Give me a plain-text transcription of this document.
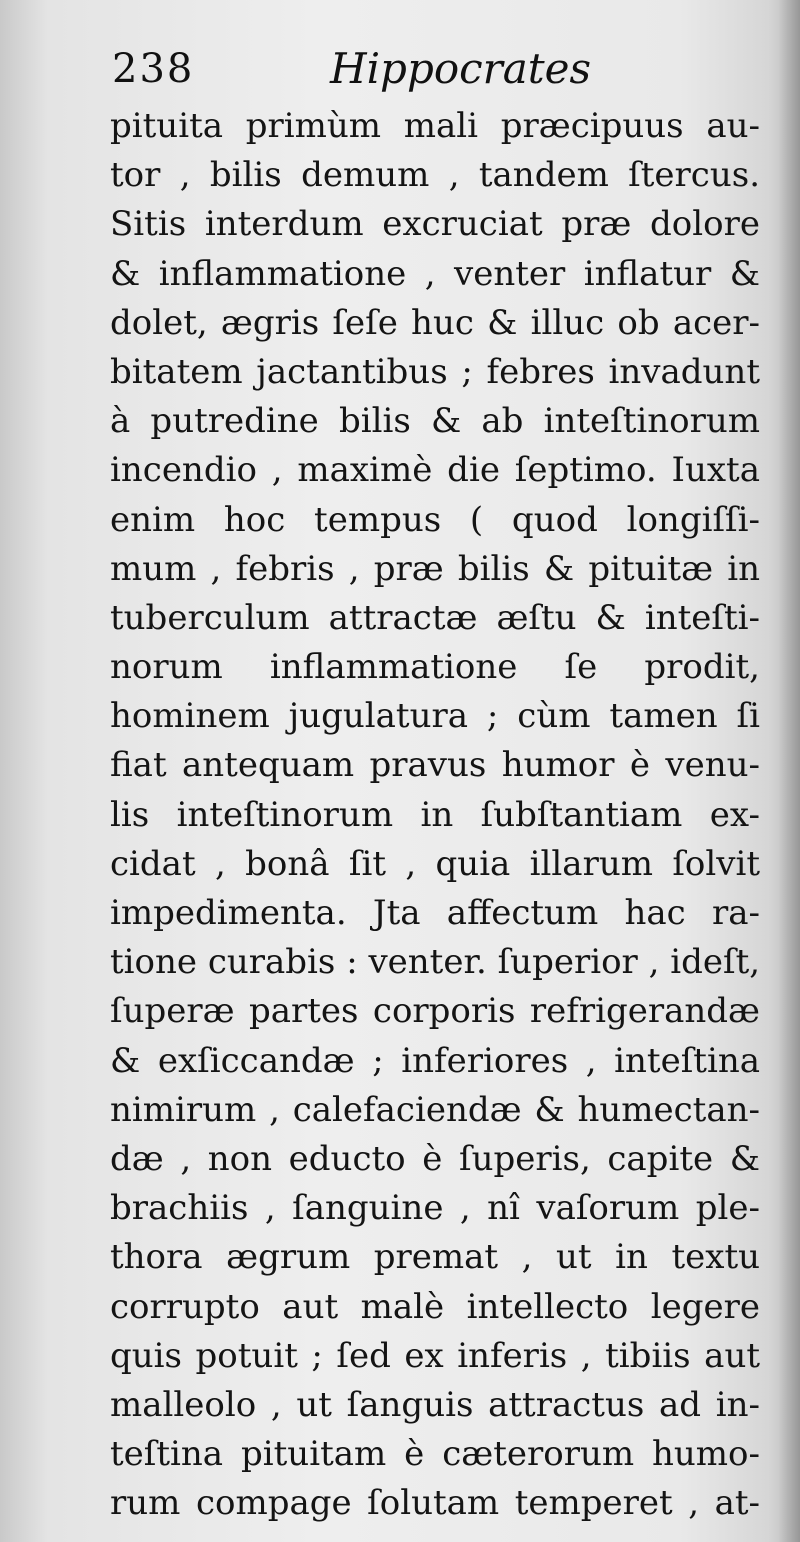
238	Hippocrates
pituita primùm mali præcipuus au-
tor , bilis demum , tandem ſtercus.
Sitis interdum excruciat præ dolore
& inflammatione , venter inflatur &
dolet, ægris ſeſe huc & illuc ob acer-
bitatem jactantibus ; febres invadunt
à putredine bilis & ab inteſtinorum
incendio , maximè die ſeptimo. Iuxta
enim hoc tempus ( quod longiſſi-
mum , febris , præ bilis & pituitæ in
tuberculum attractæ æſtu & inteſti-
norum inflammatione ſe prodit,
hominem jugulatura ; cùm tamen ſi
fiat antequam pravus humor è venu-
lis inteſtinorum in ſubſtantiam ex-
cidat , bonâ ſit , quia illarum ſolvit
impedimenta. Jta affectum hac ra-
tione curabis : venter. ſuperior , ideſt,
ſuperæ partes corporis refrigerandæ
& exſiccandæ ; inferiores , inteſtina
nimirum , calefaciendæ & humectan-
dæ , non educto è ſuperis, capite &
brachiis , ſanguine , nî vaſorum ple-
thora ægrum premat , ut in textu
corrupto aut malè intellecto legere
quis potuit ; ſed ex inferis , tibiis aut
malleolo , ut ſanguis attractus ad in-
teſtina pituitam è cæterorum humo-
rum compage ſolutam temperet , at-
